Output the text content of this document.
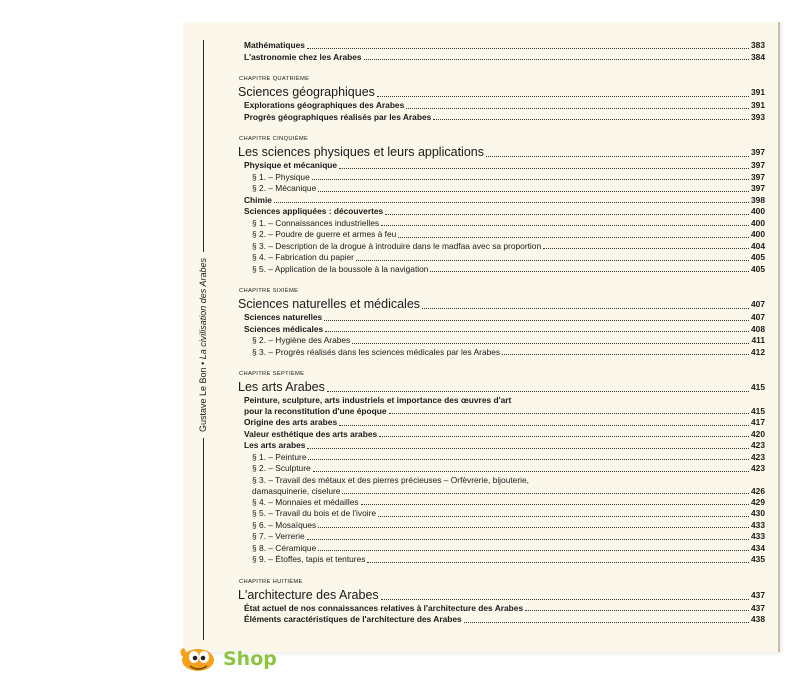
Gustave Le Bon • La civilisation des Arabes
Mathématiques	383
L'astronomie chez les Arabes	384
CHAPITRE QUATRIÈME
Sciences géographiques	391
Explorations géographiques des Arabes	391
Progrès géographiques réalisés par les Arabes	393
CHAPITRE CINQUIÈME
Les sciences physiques et leurs applications	397
Physique et mécanique	397
§ 1. – Physique	397
§ 2. – Mécanique	397
Chimie	398
Sciences appliquées : découvertes	400
§ 1. – Connaissances industrielles	400
§ 2. – Poudre de guerre et armes à feu	400
§ 3. – Description de la drogue à introduire dans le madfaa avec sa proportion	404
§ 4. – Fabrication du papier	405
§ 5. – Application de la boussole à la navigation	405
CHAPITRE SIXIÈME
Sciences naturelles et médicales	407
Sciences naturelles	407
Sciences médicales	408
§ 2. – Hygiène des Arabes	411
§ 3. – Progrès réalisés dans les sciences médicales par les Arabes	412
CHAPITRE SEPTIÈME
Les arts Arabes	415
Peinture, sculpture, arts industriels et importance des œuvres d'art
pour la reconstitution d'une époque	415
Origine des arts arabes	417
Valeur esthétique des arts arabes	420
Les arts arabes	423
§ 1. – Peinture	423
§ 2. – Sculpture	423
§ 3. – Travail des métaux et des pierres précieuses – Orfèvrerie, bijouterie,
damasquinerie, ciselure	426
§ 4. – Monnaies et médailles	429
§ 5. – Travail du bois et de l'ivoire	430
§ 6. – Mosaïques	433
§ 7. – Verrerie	433
§ 8. – Céramique	434
§ 9. – Étoffes, tapis et tentures	435
CHAPITRE HUITIÈME
L'architecture des Arabes	437
État actuel de nos connaissances relatives à l'architecture des Arabes	437
Éléments caractéristiques de l'architecture des Arabes	438
Shop
